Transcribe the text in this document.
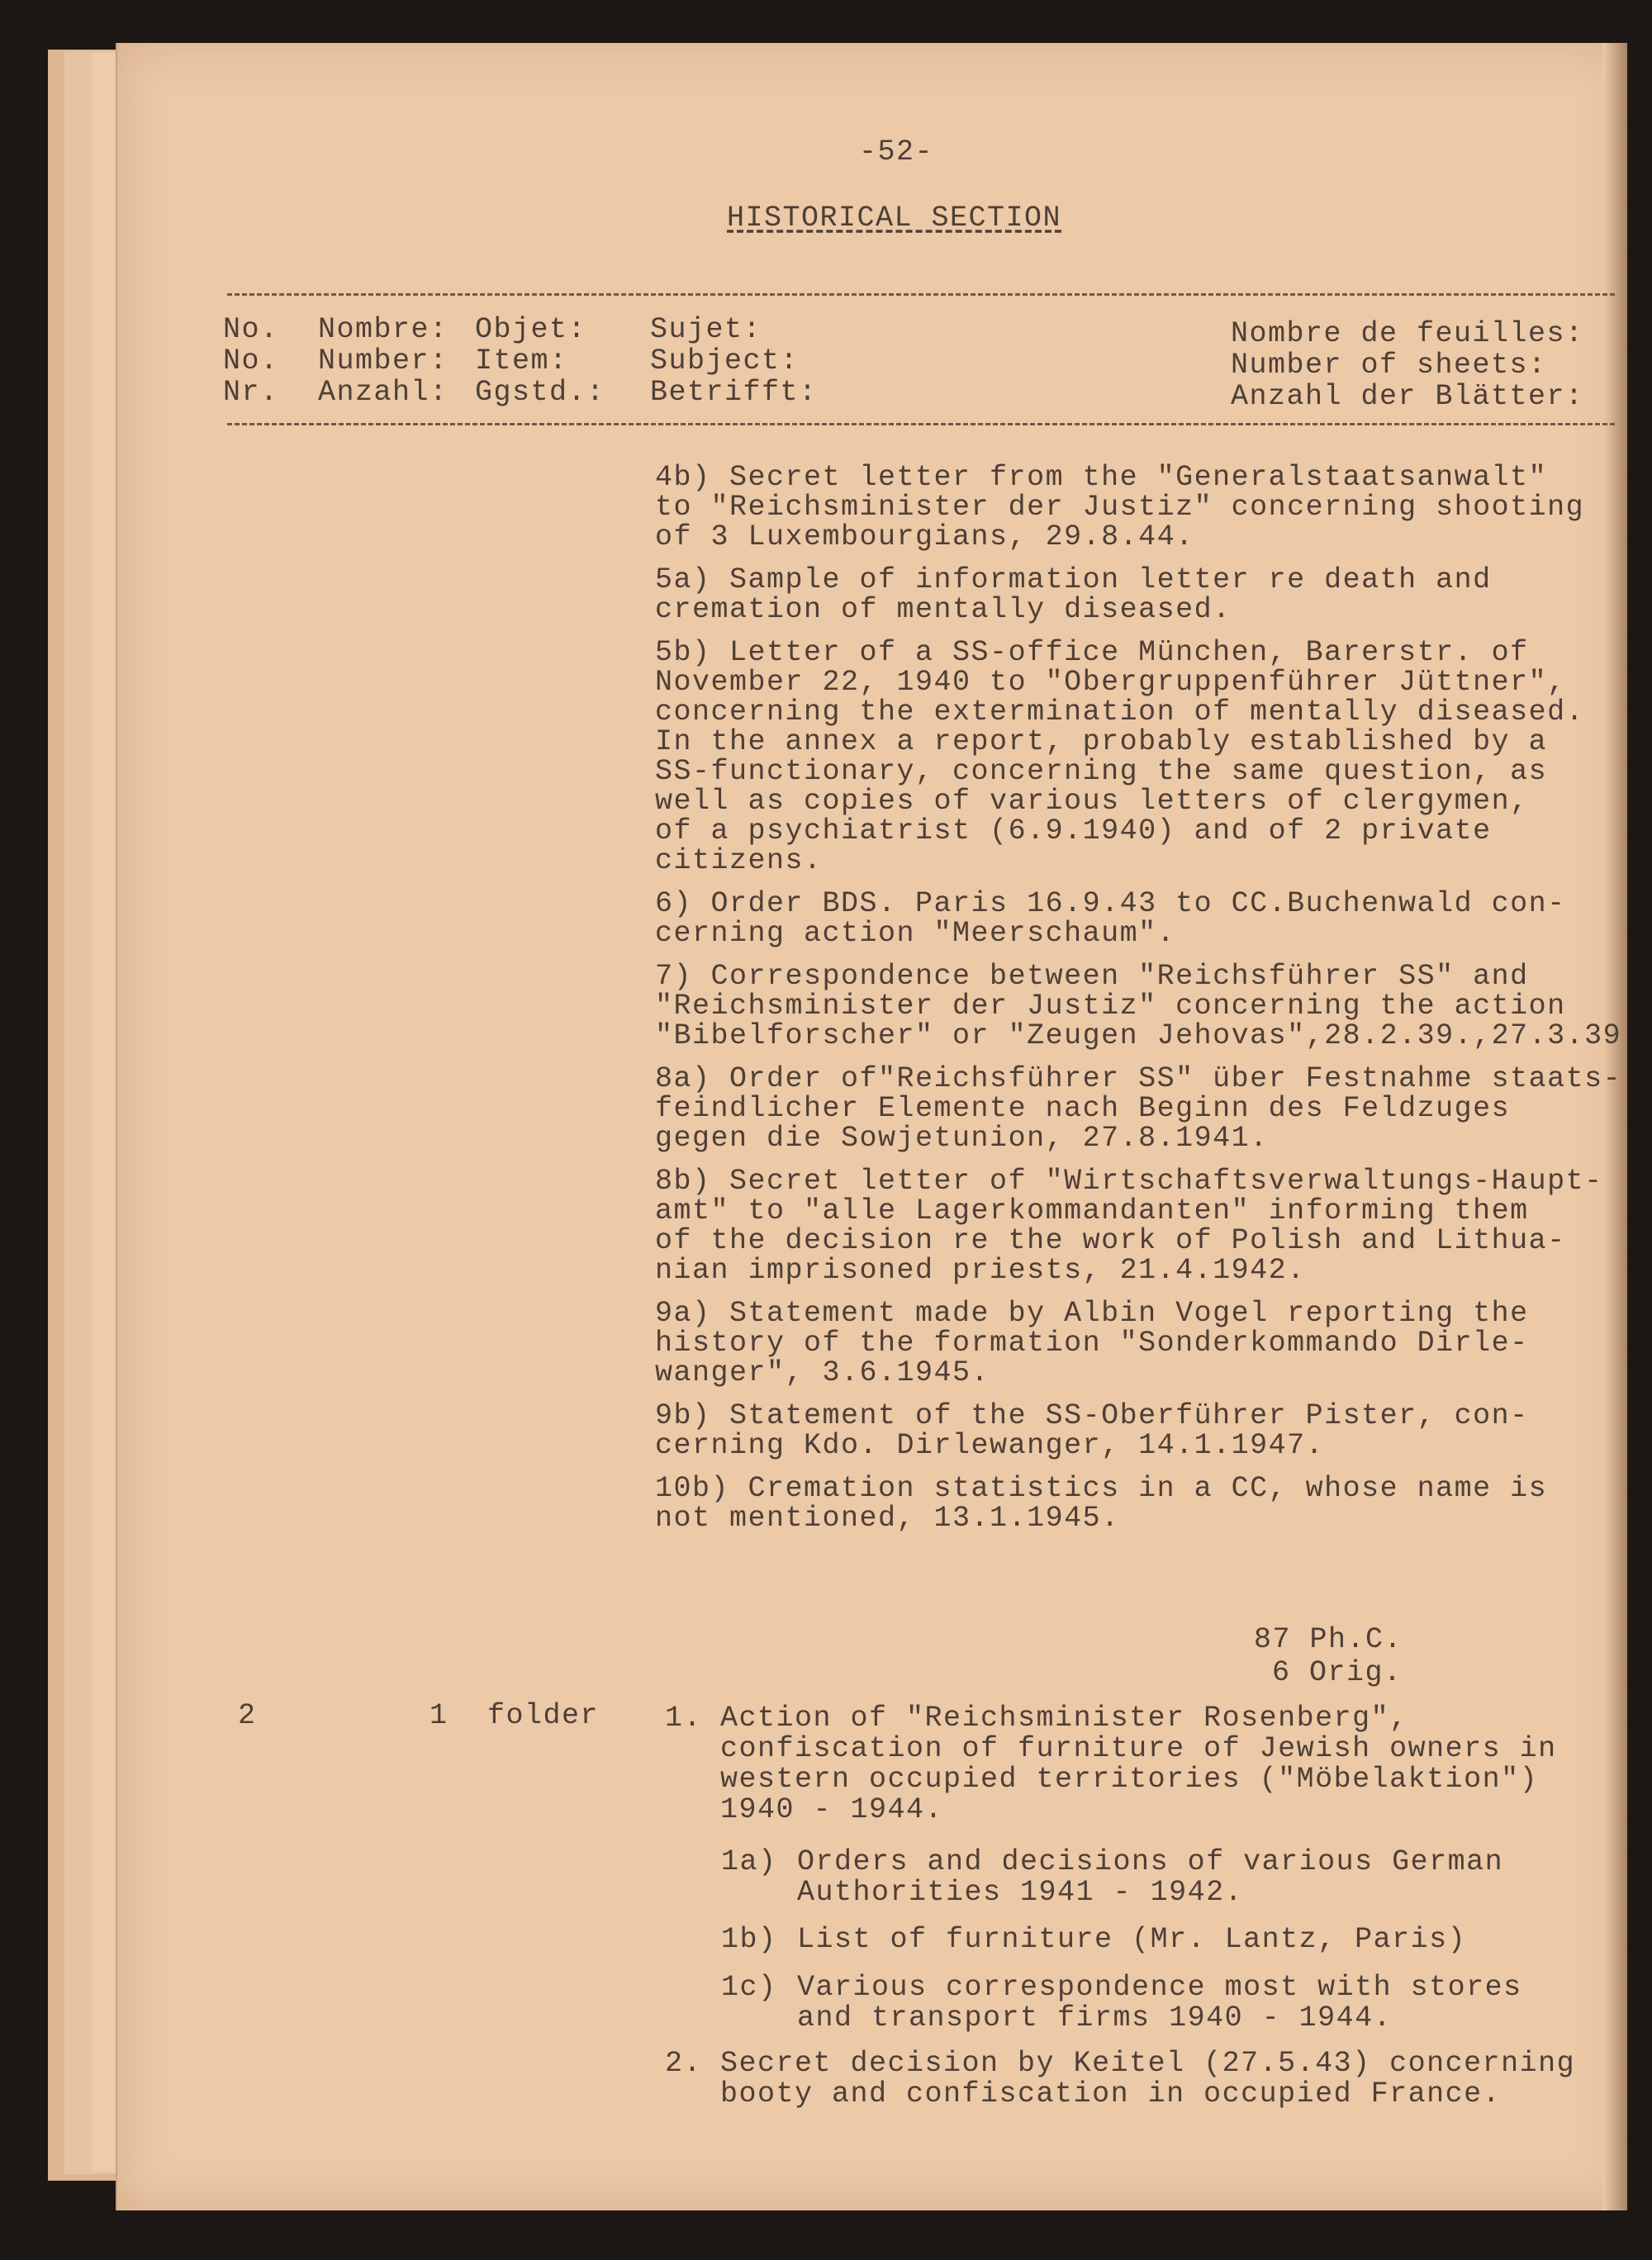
-52-
HISTORICAL SECTION
No.
No.
Nr.
Nombre:
Number:
Anzahl:
Objet:
Item:
Ggstd.:
Sujet:
Subject:
Betrifft:
Nombre de feuilles:
Number of sheets:
Anzahl der Blätter:
4b) Secret letter from the "Generalstaatsanwalt"
to "Reichsminister der Justiz" concerning shooting
of 3 Luxembourgians, 29.8.44.
5a) Sample of information letter re death and
cremation of mentally diseased.
5b) Letter of a SS-office München, Barerstr. of
November 22, 1940 to "Obergruppenführer Jüttner",
concerning the extermination of mentally diseased.
In the annex a report, probably established by a
SS-functionary, concerning the same question, as
well as copies of various letters of clergymen,
of a psychiatrist (6.9.1940) and of 2 private
citizens.
6) Order BDS. Paris 16.9.43 to CC.Buchenwald con-
cerning action "Meerschaum".
7) Correspondence between "Reichsführer SS" and
"Reichsminister der Justiz" concerning the action
"Bibelforscher" or "Zeugen Jehovas",28.2.39.,27.3.39
8a) Order of"Reichsführer SS" über Festnahme staats-
feindlicher Elemente nach Beginn des Feldzuges
gegen die Sowjetunion, 27.8.1941.
8b) Secret letter of "Wirtschaftsverwaltungs-Haupt-
amt" to "alle Lagerkommandanten" informing them
of the decision re the work of Polish and Lithua-
nian imprisoned priests, 21.4.1942.
9a) Statement made by Albin Vogel reporting the
history of the formation "Sonderkommando Dirle-
wanger", 3.6.1945.
9b) Statement of the SS-Oberführer Pister, con-
cerning Kdo. Dirlewanger, 14.1.1947.
10b) Cremation statistics in a CC, whose name is
not mentioned, 13.1.1945.
87 Ph.C.
6 Orig.
2	1 folder 1. Action of "Reichsminister Rosenberg",
confiscation of furniture of Jewish owners in
western occupied territories ("Möbelaktion")
1940 - 1944.
1a) Orders and decisions of various German
Authorities 1941 - 1942.
1b) List of furniture (Mr. Lantz, Paris)
1c) Various correspondence most with stores
and transport firms 1940 - 1944.
2. Secret decision by Keitel (27.5.43) concerning
booty and confiscation in occupied France.
